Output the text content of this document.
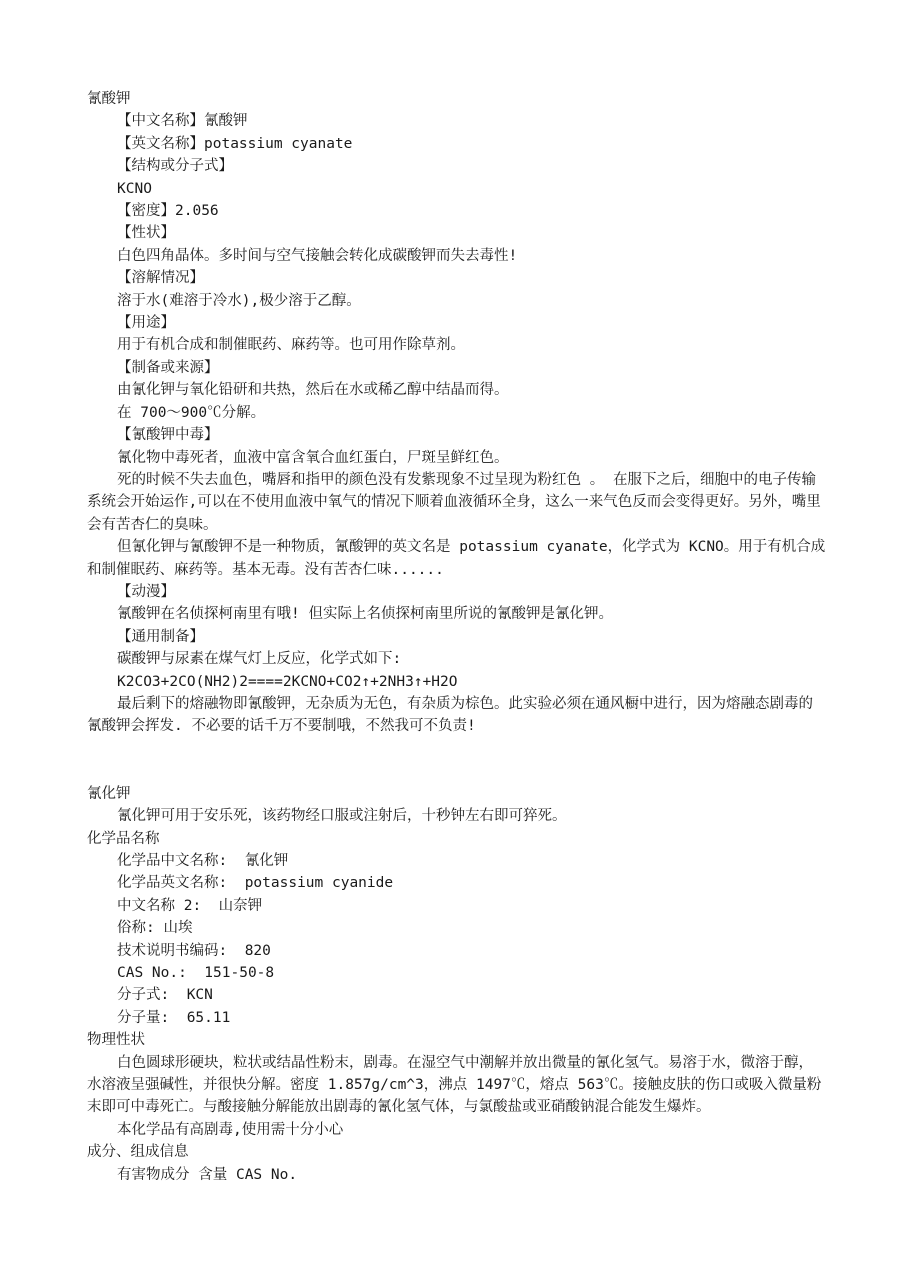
氰酸钾
【中文名称】氰酸钾
【英文名称】potassium cyanate
【结构或分子式】
KCNO
【密度】2.056
【性状】
白色四角晶体。多时间与空气接触会转化成碳酸钾而失去毒性!
【溶解情况】
溶于水(难溶于冷水),极少溶于乙醇。
【用途】
用于有机合成和制催眠药、麻药等。也可用作除草剂。
【制备或来源】
由氰化钾与氧化铅研和共热，然后在水或稀乙醇中结晶而得。
在 700～900℃分解。
【氰酸钾中毒】
氰化物中毒死者，血液中富含氧合血红蛋白，尸斑呈鲜红色。
死的时候不失去血色，嘴唇和指甲的颜色没有发紫现象不过呈现为粉红色 。 在服下之后，细胞中的电子传输系统会开始运作,可以在不使用血液中氧气的情况下顺着血液循环全身，这么一来气色反而会变得更好。另外，嘴里会有苦杏仁的臭味。
但氰化钾与氰酸钾不是一种物质，氰酸钾的英文名是 potassium cyanate，化学式为 KCNO。用于有机合成和制催眠药、麻药等。基本无毒。没有苦杏仁味......
【动漫】
氰酸钾在名侦探柯南里有哦! 但实际上名侦探柯南里所说的氰酸钾是氰化钾。
【通用制备】
碳酸钾与尿素在煤气灯上反应，化学式如下:
K2CO3+2CO(NH2)2====2KCNO+CO2↑+2NH3↑+H2O
最后剩下的熔融物即氰酸钾，无杂质为无色，有杂质为棕色。此实验必须在通风橱中进行，因为熔融态剧毒的氰酸钾会挥发. 不必要的话千万不要制哦，不然我可不负责!
氰化钾
氰化钾可用于安乐死，该药物经口服或注射后，十秒钟左右即可猝死。
化学品名称
化学品中文名称:  氰化钾
化学品英文名称:  potassium cyanide
中文名称 2:  山奈钾
俗称: 山埃
技术说明书编码:  820
CAS No.:  151-50-8
分子式:  KCN
分子量:  65.11
物理性状
白色圆球形硬块，粒状或结晶性粉末，剧毒。在湿空气中潮解并放出微量的氰化氢气。易溶于水，微溶于醇，水溶液呈强碱性，并很快分解。密度 1.857g/cm^3，沸点 1497℃，熔点 563℃。接触皮肤的伤口或吸入微量粉末即可中毒死亡。与酸接触分解能放出剧毒的氰化氢气体，与氯酸盐或亚硝酸钠混合能发生爆炸。
本化学品有高剧毒,使用需十分小心
成分、组成信息
有害物成分 含量 CAS No.
